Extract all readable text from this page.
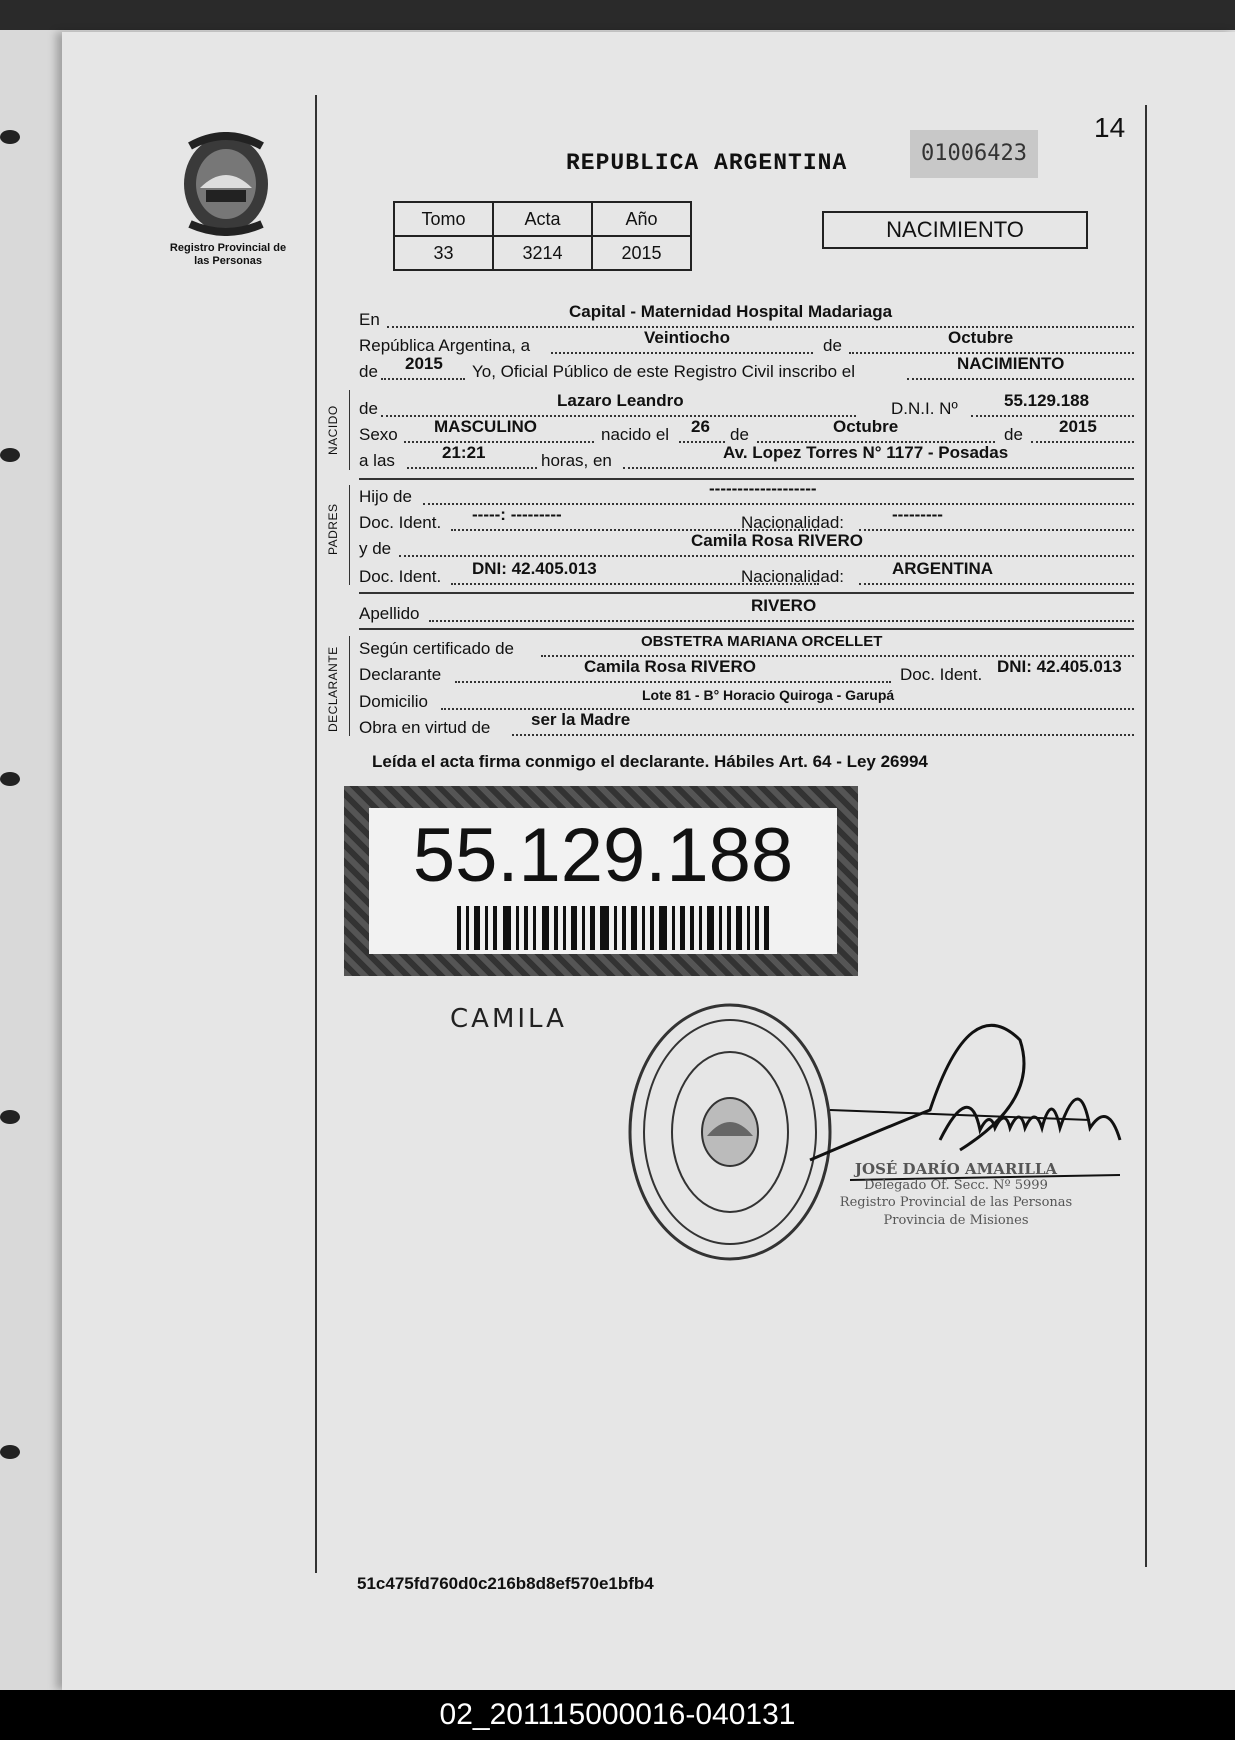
Registro Provincial de las Personas
REPUBLICA ARGENTINA	01006423
14
Tomo	Acta	Año
33	3214	2015
NACIMIENTO
En	Capital - Maternidad Hospital Madariaga
República Argentina, a	Veintiocho	de	Octubre
de 2015 Yo, Oficial Público de este Registro Civil inscribo el	NACIMIENTO
NACIDO de	Lazaro Leandro	D.N.I. Nº	55.129.188
Sexo MASCULINO	nacido el 26 de	Octubre	de 2015
a las	21:21	horas, en	Av. Lopez Torres N° 1177 - Posadas
PADRES
Hijo de	-------------------
Doc. Ident. -----: ---------	Nacionalidad:	---------
y de	Camila Rosa RIVERO
Doc. Ident. DNI: 42.405.013	Nacionalidad:	ARGENTINA
Apellido	RIVERO
DECLARANTE Según certificado de	OBSTETRA MARIANA ORCELLET
Declarante	Camila Rosa RIVERO	Doc. Ident. DNI: 42.405.013
Domicilio	Lote 81 - B° Horacio Quiroga - Garupá
Obra en virtud de ser la Madre
Leída el acta firma conmigo el declarante. Hábiles Art. 64 - Ley 26994
55.129.188
CAMILA
JOSÉ DARÍO AMARILLA
Delegado Of. Secc. Nº 5999
Registro Provincial de las Personas
Provincia de Misiones
51c475fd760d0c216b8d8ef570e1bfb4
02_201115000016-040131
